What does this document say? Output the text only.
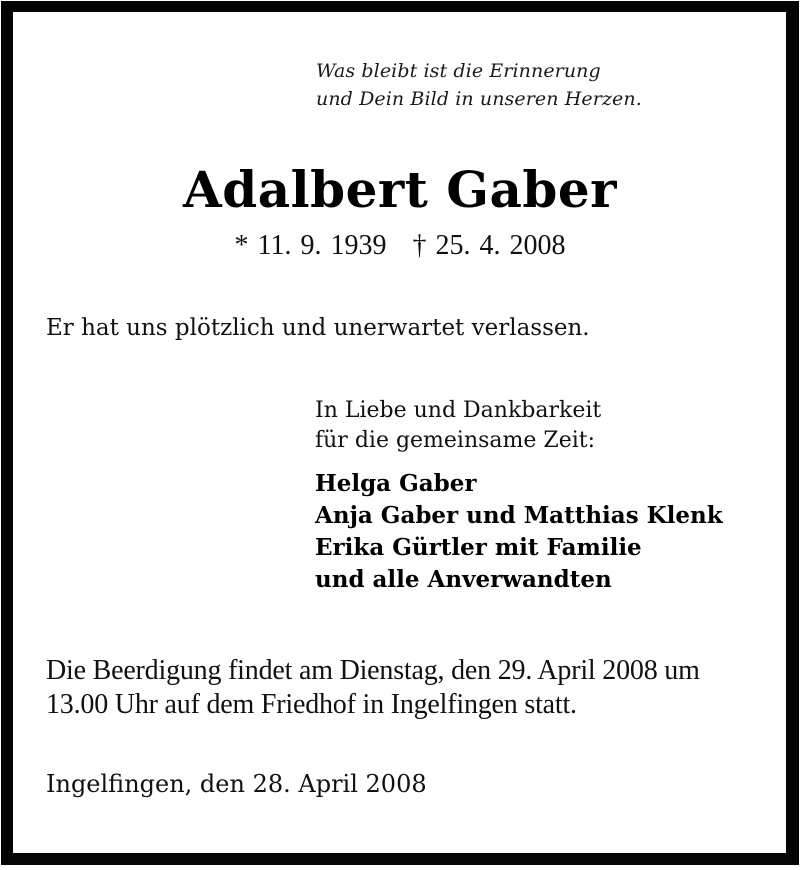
Was bleibt ist die Erinnerung
und Dein Bild in unseren Herzen.
Adalbert Gaber
* 11. 9. 1939 † 25. 4. 2008
Er hat uns plötzlich und unerwartet verlassen.
In Liebe und Dankbarkeit
für die gemeinsame Zeit:
Helga Gaber
Anja Gaber und Matthias Klenk
Erika Gürtler mit Familie
und alle Anverwandten
Die Beerdigung findet am Dienstag, den 29. April 2008 um
13.00 Uhr auf dem Friedhof in Ingelfingen statt.
Ingelfingen, den 28. April 2008
